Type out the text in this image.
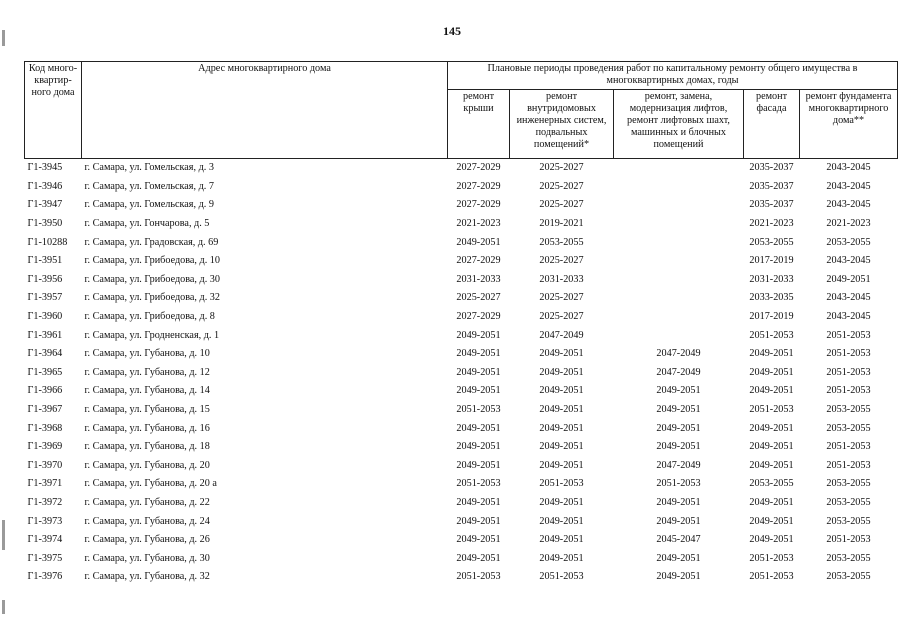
145
Код много-квартир-ного дома	Адрес многоквартирного дома	Плановые периоды проведения работ по капитальному ремонту общего имущества в многоквартирных домах, годы				
		ремонт крыши	ремонт внутридомовых инженерных систем, подвальных помещений*	ремонт, замена, модернизация лифтов, ремонт лифтовых шахт, машинных и блочных помещений	ремонт фасада	ремонт фундамента многоквартирного дома**
Г1-3945	г. Самара, ул. Гомельская, д. 3	2027-2029	2025-2027		2035-2037	2043-2045
Г1-3946	г. Самара, ул. Гомельская, д. 7	2027-2029	2025-2027		2035-2037	2043-2045
Г1-3947	г. Самара, ул. Гомельская, д. 9	2027-2029	2025-2027		2035-2037	2043-2045
Г1-3950	г. Самара, ул. Гончарова, д. 5	2021-2023	2019-2021		2021-2023	2021-2023
Г1-10288	г. Самара, ул. Градовская, д. 69	2049-2051	2053-2055		2053-2055	2053-2055
Г1-3951	г. Самара, ул. Грибоедова, д. 10	2027-2029	2025-2027		2017-2019	2043-2045
Г1-3956	г. Самара, ул. Грибоедова, д. 30	2031-2033	2031-2033		2031-2033	2049-2051
Г1-3957	г. Самара, ул. Грибоедова, д. 32	2025-2027	2025-2027		2033-2035	2043-2045
Г1-3960	г. Самара, ул. Грибоедова, д. 8	2027-2029	2025-2027		2017-2019	2043-2045
Г1-3961	г. Самара, ул. Гродненская, д. 1	2049-2051	2047-2049		2051-2053	2051-2053
Г1-3964	г. Самара, ул. Губанова, д. 10	2049-2051	2049-2051	2047-2049	2049-2051	2051-2053
Г1-3965	г. Самара, ул. Губанова, д. 12	2049-2051	2049-2051	2047-2049	2049-2051	2051-2053
Г1-3966	г. Самара, ул. Губанова, д. 14	2049-2051	2049-2051	2049-2051	2049-2051	2051-2053
Г1-3967	г. Самара, ул. Губанова, д. 15	2051-2053	2049-2051	2049-2051	2051-2053	2053-2055
Г1-3968	г. Самара, ул. Губанова, д. 16	2049-2051	2049-2051	2049-2051	2049-2051	2053-2055
Г1-3969	г. Самара, ул. Губанова, д. 18	2049-2051	2049-2051	2049-2051	2049-2051	2051-2053
Г1-3970	г. Самара, ул. Губанова, д. 20	2049-2051	2049-2051	2047-2049	2049-2051	2051-2053
Г1-3971	г. Самара, ул. Губанова, д. 20 а	2051-2053	2051-2053	2051-2053	2053-2055	2053-2055
Г1-3972	г. Самара, ул. Губанова, д. 22	2049-2051	2049-2051	2049-2051	2049-2051	2053-2055
Г1-3973	г. Самара, ул. Губанова, д. 24	2049-2051	2049-2051	2049-2051	2049-2051	2053-2055
Г1-3974	г. Самара, ул. Губанова, д. 26	2049-2051	2049-2051	2045-2047	2049-2051	2051-2053
Г1-3975	г. Самара, ул. Губанова, д. 30	2049-2051	2049-2051	2049-2051	2051-2053	2053-2055
Г1-3976	г. Самара, ул. Губанова, д. 32	2051-2053	2051-2053	2049-2051	2051-2053	2053-2055
